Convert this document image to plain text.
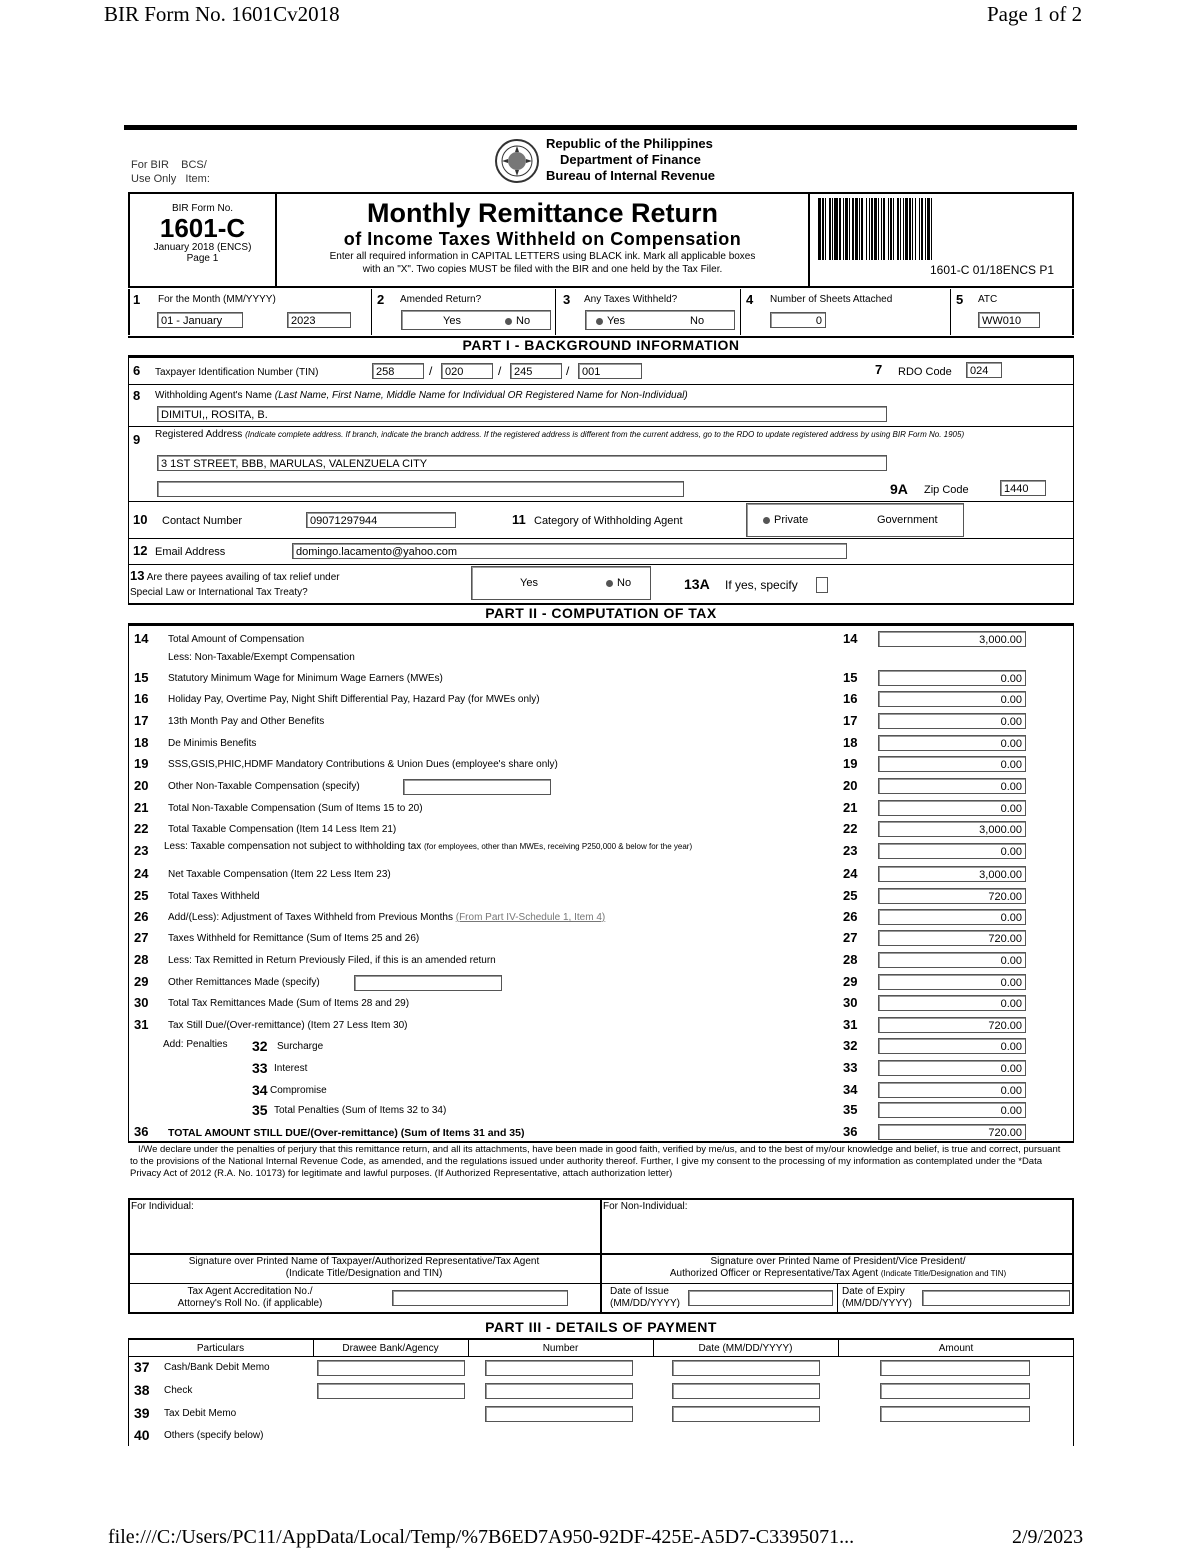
BIR Form No. 1601Cv2018	Page 1 of 2
For BIR BCS/
Use Only Item:
Republic of the Philippines
Department of Finance
Bureau of Internal Revenue
BIR Form No.
1601-C
January 2018 (ENCS)
Page 1
Monthly Remittance Return
of Income Taxes Withheld on Compensation
Enter all required information in CAPITAL LETTERS using BLACK ink. Mark all applicable boxes
with an "X". Two copies MUST be filed with the BIR and one held by the Tax Filer.	1601-C 01/18ENCS P1
1 For the Month (MM/YYYY)
01 - January	2023
2 Amended Return?
Yes	No
3 Any Taxes Withheld?
Yes	No
4 Number of Sheets Attached
0
5 ATC
WW010
PART I - BACKGROUND INFORMATION
6 Taxpayer Identification Number (TIN)	258	/	020	/	245	/	001	7 RDO Code	024
8 Withholding Agent's Name (Last Name, First Name, Middle Name for Individual OR Registered Name for Non-Individual)
DIMITUI,, ROSITA, B.
9 Registered Address (Indicate complete address. If branch, indicate the branch address. If the registered address is different from the current address, go to the RDO to update registered address by using BIR Form No. 1905)
3 1ST STREET, BBB, MARULAS, VALENZUELA CITY
9A Zip Code	1440
10 Contact Number	09071297944	11 Category of Withholding Agent	Private	Government
12 Email Address	domingo.lacamento@yahoo.com
13 Are there payees availing of tax relief under
Special Law or International Tax Treaty?
Yes	No	13A If yes, specify
PART II - COMPUTATION OF TAX
Less: Non-Taxable/Exempt Compensation
Add: Penalties
14 Total Amount of Compensation	14	3,000.00
15 Statutory Minimum Wage for Minimum Wage Earners (MWEs)	15	0.00
16 Holiday Pay, Overtime Pay, Night Shift Differential Pay, Hazard Pay (for MWEs only)	16	0.00
17 13th Month Pay and Other Benefits	17	0.00
18 De Minimis Benefits	18	0.00
19 SSS,GSIS,PHIC,HDMF Mandatory Contributions & Union Dues (employee's share only)	19	0.00
20 Other Non-Taxable Compensation (specify)	20	0.00
21 Total Non-Taxable Compensation (Sum of Items 15 to 20)	21	0.00
22 Total Taxable Compensation (Item 14 Less Item 21)	22	3,000.00
23 Less: Taxable compensation not subject to withholding tax (for employees, other than MWEs, receiving P250,000 & below for the year)	23	0.00
24 Net Taxable Compensation (Item 22 Less Item 23)	24	3,000.00
25 Total Taxes Withheld	25	720.00
26 Add/(Less): Adjustment of Taxes Withheld from Previous Months (From Part IV-Schedule 1, Item 4)	26	0.00
27 Taxes Withheld for Remittance (Sum of Items 25 and 26)	27	720.00
28 Less: Tax Remitted in Return Previously Filed, if this is an amended return	28	0.00
29 Other Remittances Made (specify)	29	0.00
30 Total Tax Remittances Made (Sum of Items 28 and 29)	30	0.00
31 Tax Still Due/(Over-remittance) (Item 27 Less Item 30)	31	720.00
32 Surcharge	32	0.00
33 Interest	33	0.00
34 Compromise	34	0.00
35 Total Penalties (Sum of Items 32 to 34)	35	0.00
36 TOTAL AMOUNT STILL DUE/(Over-remittance) (Sum of Items 31 and 35)	36	720.00
I/We declare under the penalties of perjury that this remittance return, and all its attachments, have been made in good faith, verified by me/us, and to the best of my/our knowledge and belief, is true and correct, pursuant to the provisions of the National Internal Revenue Code, as amended, and the regulations issued under authority thereof. Further, I give my consent to the processing of my information as contemplated under the *Data Privacy Act of 2012 (R.A. No. 10173) for legitimate and lawful purposes. (If Authorized Representative, attach authorization letter)
For Individual:	For Non-Individual:
Signature over Printed Name of Taxpayer/Authorized Representative/Tax Agent
(Indicate Title/Designation and TIN)
Signature over Printed Name of President/Vice President/
Authorized Officer or Representative/Tax Agent (Indicate Title/Designation and TIN)
Tax Agent Accreditation No./
Attorney's Roll No. (if applicable)
Date of Issue
(MM/DD/YYYY)
Date of Expiry
(MM/DD/YYYY)
PART III - DETAILS OF PAYMENT
Particulars	Drawee Bank/Agency	Number	Date (MM/DD/YYYY)	Amount
37 Cash/Bank Debit Memo
38 Check
39 Tax Debit Memo
40 Others (specify below)
file:///C:/Users/PC11/AppData/Local/Temp/%7B6ED7A950-92DF-425E-A5D7-C3395071...	2/9/2023
